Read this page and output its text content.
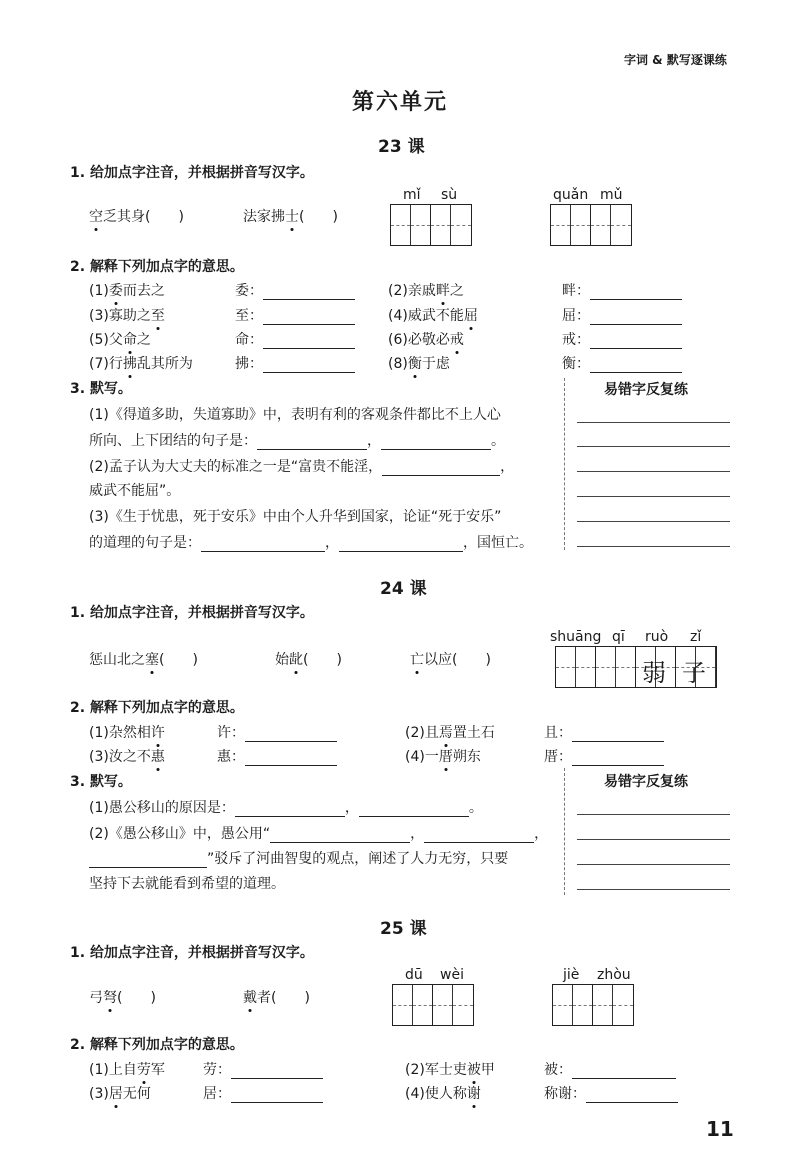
字词 & 默写逐课练
第六单元
23 课
1. 给加点字注音，并根据拼音写汉字。
空乏其身(　　)	法家拂士(　　)
mǐ sù	quǎn mǔ
2. 解释下列加点字的意思。
(1)委而去之	委：	(2)亲戚畔之	畔：
(3)寡助之至	至：	(4)威武不能屈	屈：
(5)父命之	命：	(6)必敬必戒	戒：
(7)行拂乱其所为	拂：	(8)衡于虑	衡：
3. 默写。
(1)《得道多助，失道寡助》中，表明有利的客观条件都比不上人心
所向、上下团结的句子是：	，	。
(2)孟子认为大丈夫的标准之一是“富贵不能淫，	，
威武不能屈”。
(3)《生于忧患，死于安乐》中由个人升华到国家，论证“死于安乐”
的道理的句子是：	，	，国恒亡。
易错字反复练
24 课
1. 给加点字注音，并根据拼音写汉字。
惩山北之塞(　　)	始龀(　　)	亡以应(　　)
shuāng qī ruò zǐ
弱 子
2. 解释下列加点字的意思。
(1)杂然相许	许：	(2)且焉置土石	且：
(3)汝之不惠	惠：	(4)一厝朔东	厝：
3. 默写。
(1)愚公移山的原因是：	，	。
(2)《愚公移山》中，愚公用“	，	，
”驳斥了河曲智叟的观点，阐述了人力无穷，只要
坚持下去就能看到希望的道理。
易错字反复练
25 课
1. 给加点字注音，并根据拼音写汉字。
弓弩(　　)	戴者(　　)
dū wèi	jiè zhòu
2. 解释下列加点字的意思。
(1)上自劳军	劳：	(2)军士吏被甲	被：
(3)居无何	居：	(4)使人称谢	称谢：
11
